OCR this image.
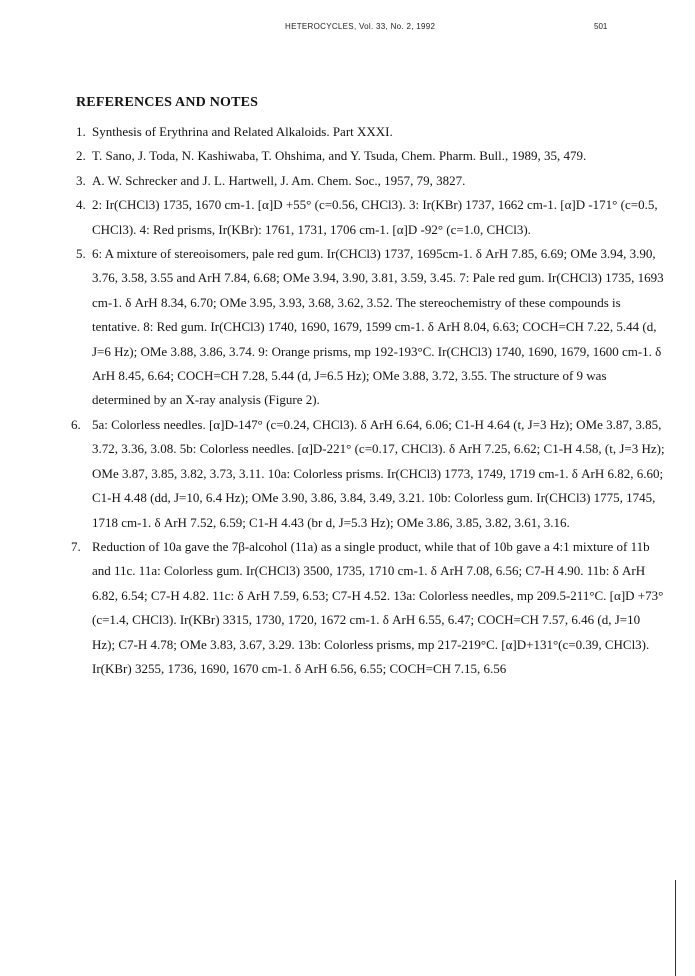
HETEROCYCLES, Vol. 33, No. 2, 1992	501
REFERENCES AND NOTES
1. Synthesis of Erythrina and Related Alkaloids. Part XXXI.
2. T. Sano, J. Toda, N. Kashiwaba, T. Ohshima, and Y. Tsuda, Chem. Pharm. Bull., 1989, 35, 479.
3. A. W. Schrecker and J. L. Hartwell, J. Am. Chem. Soc., 1957, 79, 3827.
4. 2: Ir(CHCl3) 1735, 1670 cm-1. [α]D +55° (c=0.56, CHCl3). 3: Ir(KBr) 1737, 1662 cm-1. [α]D -171° (c=0.5, CHCl3). 4: Red prisms, Ir(KBr): 1761, 1731, 1706 cm-1. [α]D -92° (c=1.0, CHCl3).
5. 6: A mixture of stereoisomers, pale red gum. Ir(CHCl3) 1737, 1695cm-1. δ ArH 7.85, 6.69; OMe 3.94, 3.90, 3.76, 3.58, 3.55 and ArH 7.84, 6.68; OMe 3.94, 3.90, 3.81, 3.59, 3.45. 7: Pale red gum. Ir(CHCl3) 1735, 1693 cm-1. δ ArH 8.34, 6.70; OMe 3.95, 3.93, 3.68, 3.62, 3.52. The stereochemistry of these compounds is tentative. 8: Red gum. Ir(CHCl3) 1740, 1690, 1679, 1599 cm-1. δ ArH 8.04, 6.63; COCH=CH 7.22, 5.44 (d, J=6 Hz); OMe 3.88, 3.86, 3.74. 9: Orange prisms, mp 192-193°C. Ir(CHCl3) 1740, 1690, 1679, 1600 cm-1. δ ArH 8.45, 6.64; COCH=CH 7.28, 5.44 (d, J=6.5 Hz); OMe 3.88, 3.72, 3.55. The structure of 9 was determined by an X-ray analysis (Figure 2).
6. 5a: Colorless needles. [α]D-147° (c=0.24, CHCl3). δ ArH 6.64, 6.06; C1-H 4.64 (t, J=3 Hz); OMe 3.87, 3.85, 3.72, 3.36, 3.08. 5b: Colorless needles. [α]D-221° (c=0.17, CHCl3). δ ArH 7.25, 6.62; C1-H 4.58, (t, J=3 Hz); OMe 3.87, 3.85, 3.82, 3.73, 3.11. 10a: Colorless prisms. Ir(CHCl3) 1773, 1749, 1719 cm-1. δ ArH 6.82, 6.60; C1-H 4.48 (dd, J=10, 6.4 Hz); OMe 3.90, 3.86, 3.84, 3.49, 3.21. 10b: Colorless gum. Ir(CHCl3) 1775, 1745, 1718 cm-1. δ ArH 7.52, 6.59; C1-H 4.43 (br d, J=5.3 Hz); OMe 3.86, 3.85, 3.82, 3.61, 3.16.
7. Reduction of 10a gave the 7β-alcohol (11a) as a single product, while that of 10b gave a 4:1 mixture of 11b and 11c. 11a: Colorless gum. Ir(CHCl3) 3500, 1735, 1710 cm-1. δ ArH 7.08, 6.56; C7-H 4.90. 11b: δ ArH 6.82, 6.54; C7-H 4.82. 11c: δ ArH 7.59, 6.53; C7-H 4.52. 13a: Colorless needles, mp 209.5-211°C. [α]D +73°(c=1.4, CHCl3). Ir(KBr) 3315, 1730, 1720, 1672 cm-1. δ ArH 6.55, 6.47; COCH=CH 7.57, 6.46 (d, J=10 Hz); C7-H 4.78; OMe 3.83, 3.67, 3.29. 13b: Colorless prisms, mp 217-219°C. [α]D+131°(c=0.39, CHCl3). Ir(KBr) 3255, 1736, 1690, 1670 cm-1. δ ArH 6.56, 6.55; COCH=CH 7.15, 6.56
